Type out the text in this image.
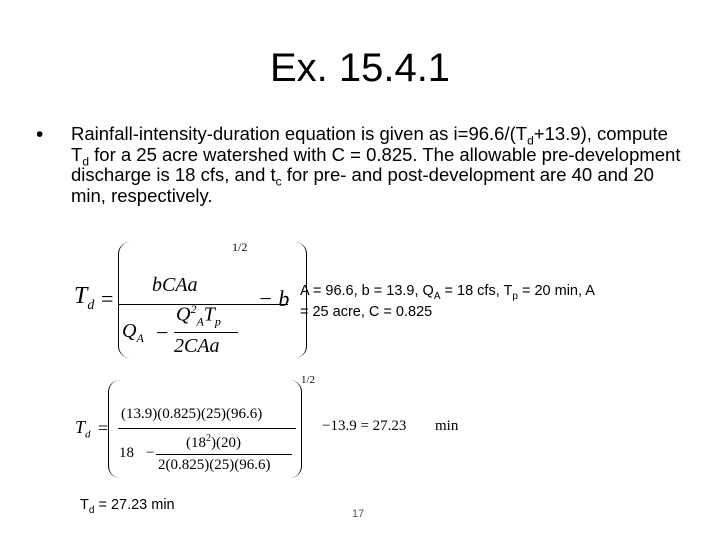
Ex. 15.4.1
• Rainfall-intensity-duration equation is given as $i=96.6/(T_d+13.9)$, compute $T_d$ for a 25 acre watershed with C = 0.825. The allowable pre-development discharge is 18 cfs, and $t_c$ for pre- and post-development are 40 and 20 min, respectively.
$T_d$ =
bCAa
$Q_A$ −
$Q^2_AT_p$
2CAa
1/2
− b A = 96.6, b = 13.9, $Q_A = 18$ cfs, $T_p = 20$ min, A = 25 acre, C = 0.825
$T_d$ =
(13.9)(0.825)(25)(96.6)
18 −
$(18^2)(20)$
2(0.825)(25)(96.6)
1/2
−13.9 = 27.23 min
$T_d = 27.23$ min
17
